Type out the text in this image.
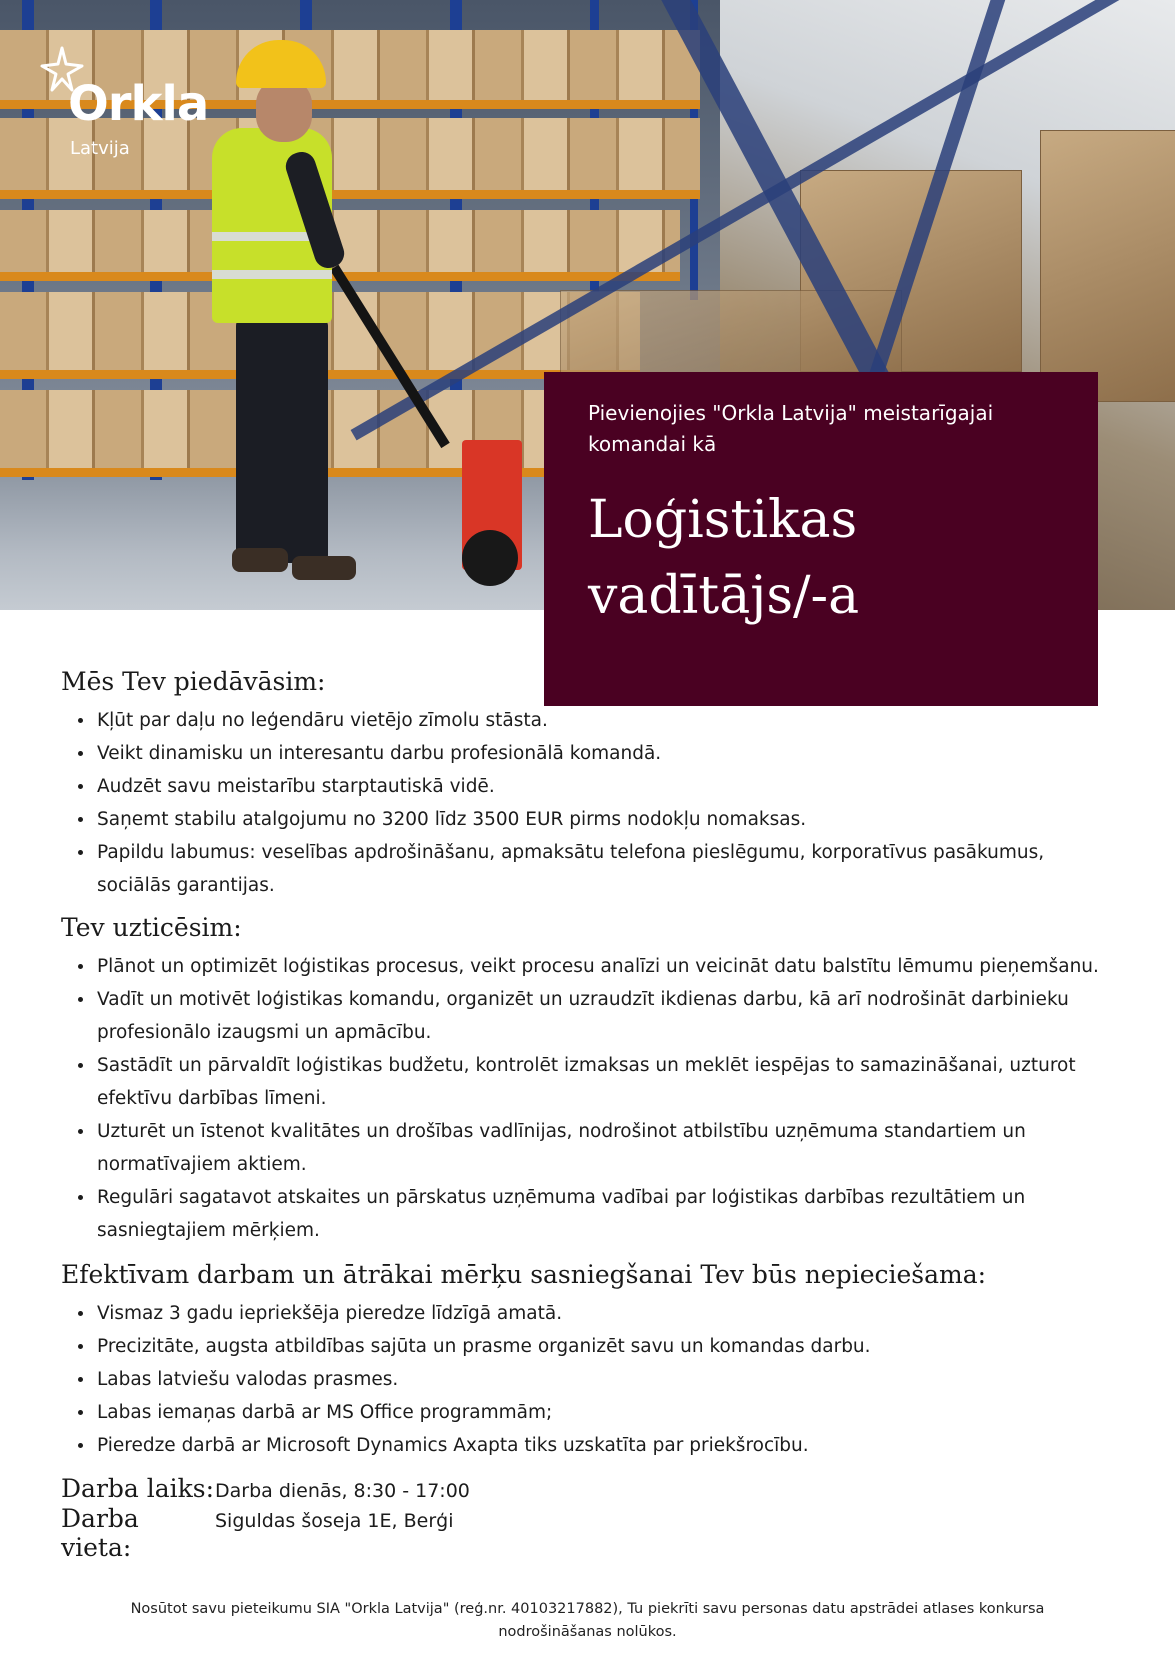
Orkla
Latvija

Pievienojies "Orkla Latvija" meistarīgajai komandai kā

Loģistikas
vadītājs/-a
Mēs Tev piedāvāsim:
• Kļūt par daļu no leģendāru vietējo zīmolu stāsta.
• Veikt dinamisku un interesantu darbu profesionālā komandā.
• Audzēt savu meistarību starptautiskā vidē.
• Saņemt stabilu atalgojumu no 3200 līdz 3500 EUR pirms nodokļu nomaksas.
• Papildu labumus: veselības apdrošināšanu, apmaksātu telefona pieslēgumu, korporatīvus pasākumus, sociālās garantijas.
Tev uzticēsim:
• Plānot un optimizēt loģistikas procesus, veikt procesu analīzi un veicināt datu balstītu lēmumu pieņemšanu.
• Vadīt un motivēt loģistikas komandu, organizēt un uzraudzīt ikdienas darbu, kā arī nodrošināt darbinieku profesionālo izaugsmi un apmācību.
• Sastādīt un pārvaldīt loģistikas budžetu, kontrolēt izmaksas un meklēt iespējas to samazināšanai, uzturot efektīvu darbības līmeni.
• Uzturēt un īstenot kvalitātes un drošības vadlīnijas, nodrošinot atbilstību uzņēmuma standartiem un normatīvajiem aktiem.
• Regulāri sagatavot atskaites un pārskatus uzņēmuma vadībai par loģistikas darbības rezultātiem un sasniegtajiem mērķiem.
Efektīvam darbam un ātrākai mērķu sasniegšanai Tev būs nepieciešama:
• Vismaz 3 gadu iepriekšēja pieredze līdzīgā amatā.
• Precizitāte, augsta atbildības sajūta un prasme organizēt savu un komandas darbu.
• Labas latviešu valodas prasmes.
• Labas iemaņas darbā ar MS Office programmām;
• Pieredze darbā ar Microsoft Dynamics Axapta tiks uzskatīta par priekšrocību.
Darba laiks: Darba dienās, 8:30 - 17:00
Darba vieta:
Siguldas šoseja 1E, Berģi
Nosūtot savu pieteikumu SIA "Orkla Latvija" (reģ.nr. 40103217882), Tu piekrīti savu personas datu apstrādei atlases konkursa nodrošināšanas nolūkos.
